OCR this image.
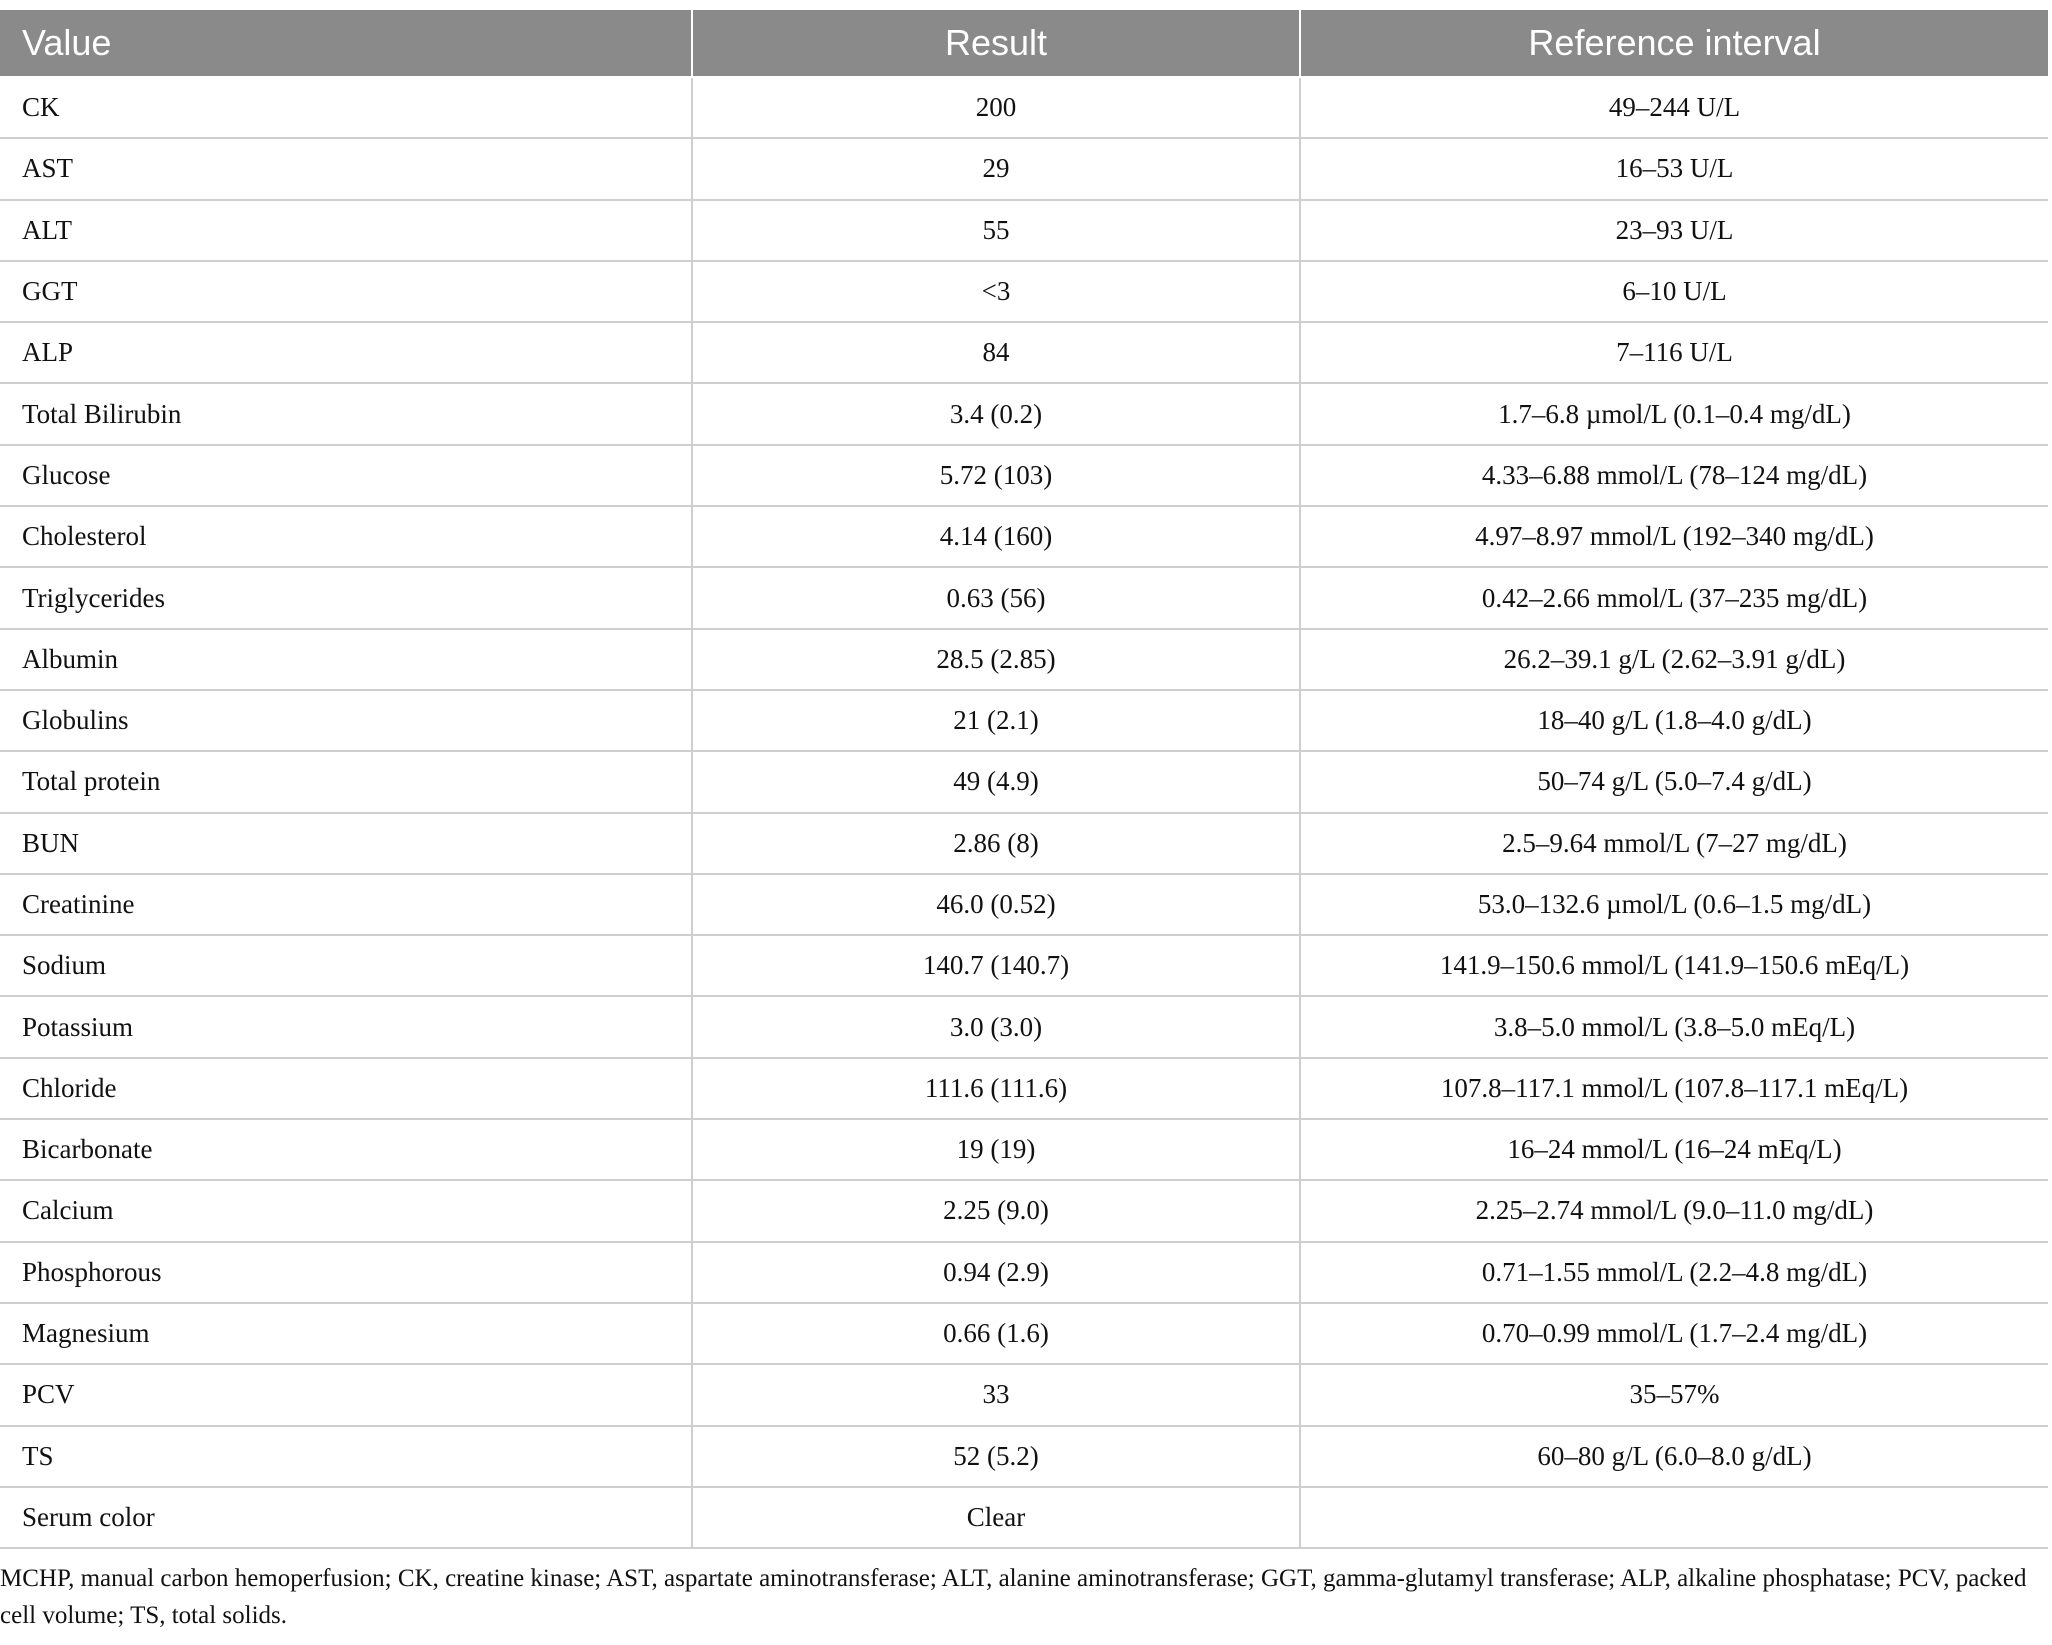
Value	Result	Reference interval
CK	200	49–244 U/L
AST	29	16–53 U/L
ALT	55	23–93 U/L
GGT	<3	6–10 U/L
ALP	84	7–116 U/L
Total Bilirubin	3.4 (0.2)	1.7–6.8 µmol/L (0.1–0.4 mg/dL)
Glucose	5.72 (103)	4.33–6.88 mmol/L (78–124 mg/dL)
Cholesterol	4.14 (160)	4.97–8.97 mmol/L (192–340 mg/dL)
Triglycerides	0.63 (56)	0.42–2.66 mmol/L (37–235 mg/dL)
Albumin	28.5 (2.85)	26.2–39.1 g/L (2.62–3.91 g/dL)
Globulins	21 (2.1)	18–40 g/L (1.8–4.0 g/dL)
Total protein	49 (4.9)	50–74 g/L (5.0–7.4 g/dL)
BUN	2.86 (8)	2.5–9.64 mmol/L (7–27 mg/dL)
Creatinine	46.0 (0.52)	53.0–132.6 µmol/L (0.6–1.5 mg/dL)
Sodium	140.7 (140.7)	141.9–150.6 mmol/L (141.9–150.6 mEq/L)
Potassium	3.0 (3.0)	3.8–5.0 mmol/L (3.8–5.0 mEq/L)
Chloride	111.6 (111.6)	107.8–117.1 mmol/L (107.8–117.1 mEq/L)
Bicarbonate	19 (19)	16–24 mmol/L (16–24 mEq/L)
Calcium	2.25 (9.0)	2.25–2.74 mmol/L (9.0–11.0 mg/dL)
Phosphorous	0.94 (2.9)	0.71–1.55 mmol/L (2.2–4.8 mg/dL)
Magnesium	0.66 (1.6)	0.70–0.99 mmol/L (1.7–2.4 mg/dL)
PCV	33	35–57%
TS	52 (5.2)	60–80 g/L (6.0–8.0 g/dL)
Serum color	Clear	
MCHP, manual carbon hemoperfusion; CK, creatine kinase; AST, aspartate aminotransferase; ALT, alanine aminotransferase; GGT, gamma-glutamyl transferase; ALP, alkaline phosphatase; PCV, packed cell volume; TS, total solids.
